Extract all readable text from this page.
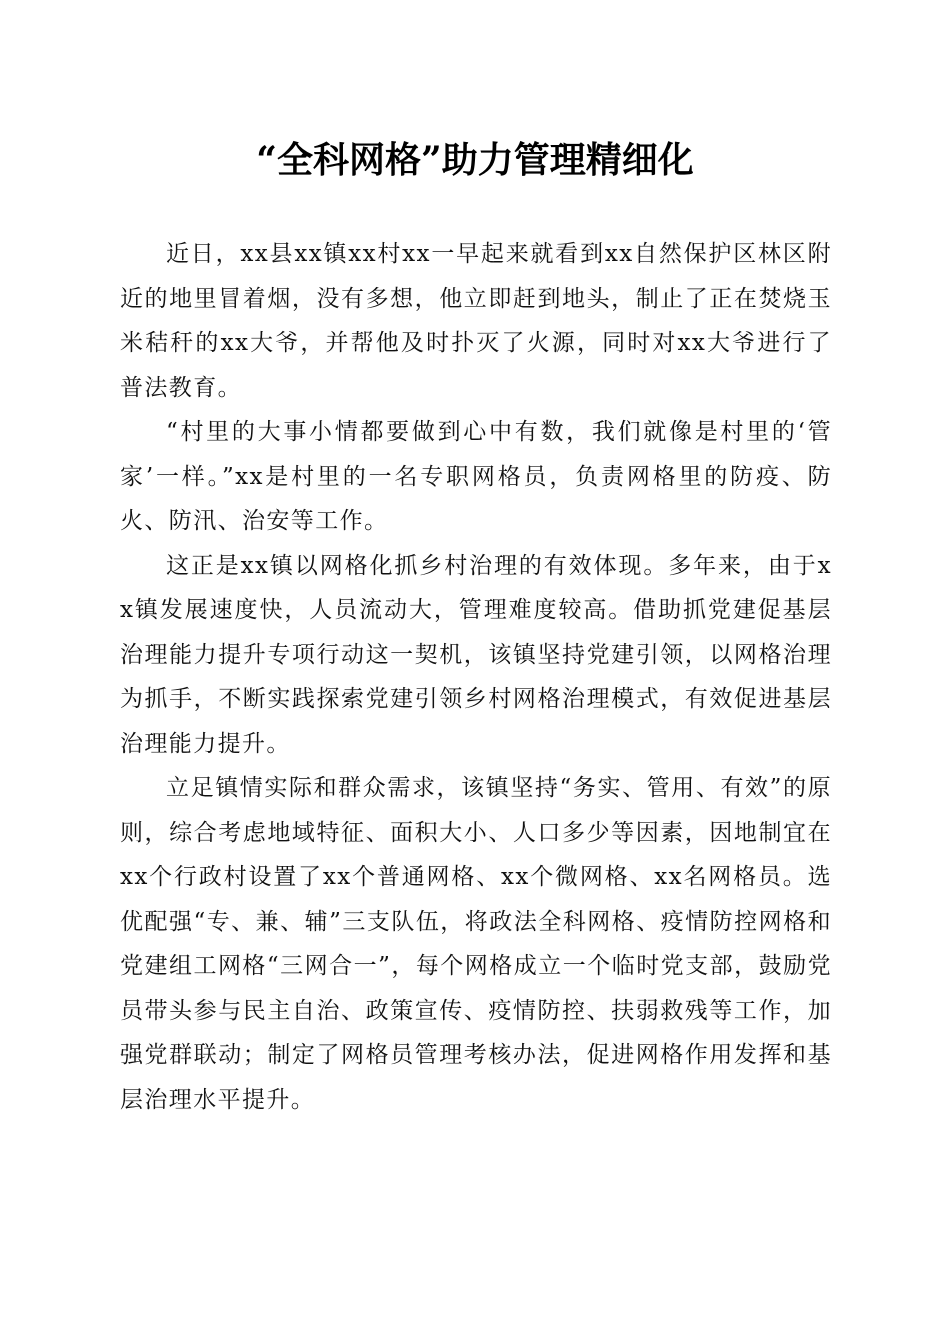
“全科网格”助力管理精细化

近日，xx县xx镇xx村xx一早起来就看到xx自然保护区林区附近的地里冒着烟，没有多想，他立即赶到地头，制止了正在焚烧玉米秸秆的xx大爷，并帮他及时扑灭了火源，同时对xx大爷进行了普法教育。

“村里的大事小情都要做到心中有数，我们就像是村里的‘管家’一样。”xx是村里的一名专职网格员，负责网格里的防疫、防火、防汛、治安等工作。

这正是xx镇以网格化抓乡村治理的有效体现。多年来，由于xx镇发展速度快，人员流动大，管理难度较高。借助抓党建促基层治理能力提升专项行动这一契机，该镇坚持党建引领，以网格治理为抓手，不断实践探索党建引领乡村网格治理模式，有效促进基层治理能力提升。

立足镇情实际和群众需求，该镇坚持“务实、管用、有效”的原则，综合考虑地域特征、面积大小、人口多少等因素，因地制宜在xx个行政村设置了xx个普通网格、xx个微网格、xx名网格员。选优配强“专、兼、辅”三支队伍，将政法全科网格、疫情防控网格和党建组工网格“三网合一”，每个网格成立一个临时党支部，鼓励党员带头参与民主自治、政策宣传、疫情防控、扶弱救残等工作，加强党群联动；制定了网格员管理考核办法，促进网格作用发挥和基层治理水平提升。
